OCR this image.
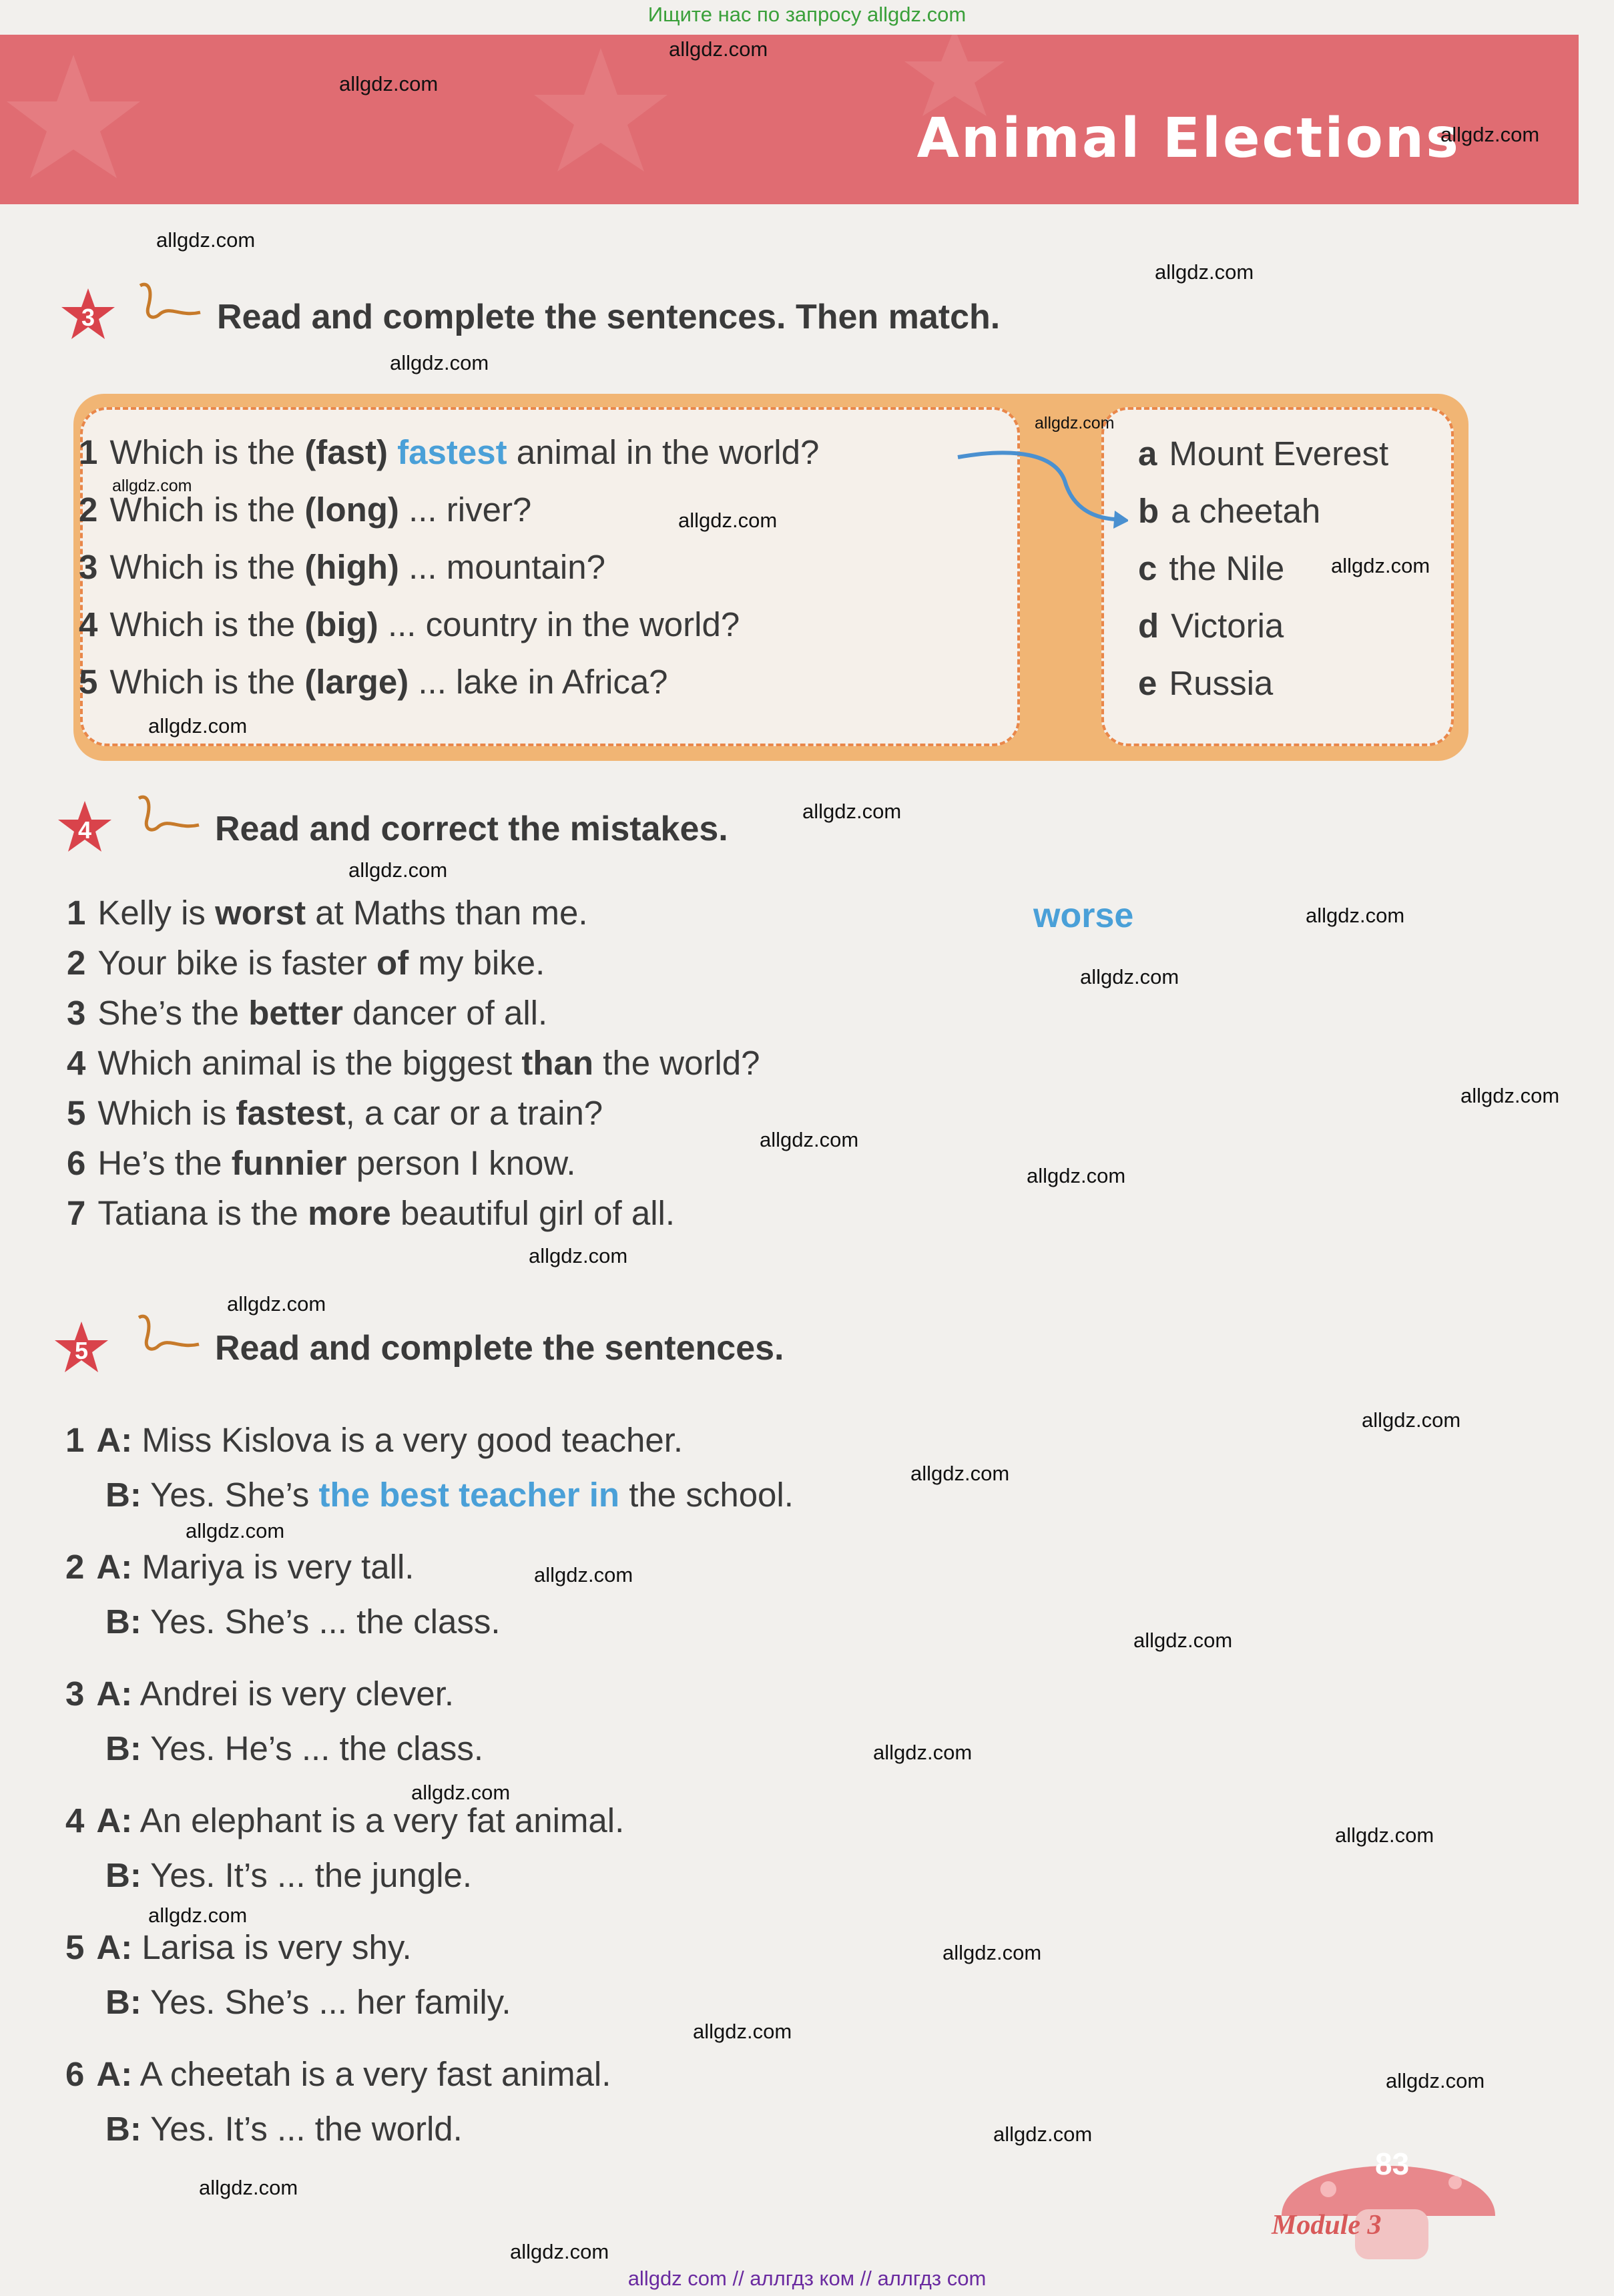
Ищите нас по запросу allgdz.com
Animal Elections
3	Read and complete the sentences. Then match.
1 Which is the (fast) fastest animal in the world?
2 Which is the (long) ... river?
3 Which is the (high) ... mountain?
4 Which is the (big) ... country in the world?
5 Which is the (large) ... lake in Africa?
a Mount Everest
b a cheetah
c the Nile
d Victoria
e Russia
4	Read and correct the mistakes.
worse
1 Kelly is worst at Maths than me.
2 Your bike is faster of my bike.
3 She’s the better dancer of all.
4 Which animal is the biggest than the world?
5 Which is fastest, a car or a train?
6 He’s the funnier person I know.
7 Tatiana is the more beautiful girl of all.
5	Read and complete the sentences.
1 A: Miss Kislova is a very good teacher.
B: Yes. She’s the best teacher in the school.
2 A: Mariya is very tall.
B: Yes. She’s ... the class.
3 A: Andrei is very clever.
B: Yes. He’s ... the class.
4 A: An elephant is a very fat animal.
B: Yes. It’s ... the jungle.
5 A: Larisa is very shy.
B: Yes. She’s ... her family.
6 A: A cheetah is a very fast animal.
B: Yes. It’s ... the world.
83
Module 3
allgdz com // аллгдз ком // аллгдз com
allgdz.com
allgdz.com
allgdz.com
allgdz.com
allgdz.com
allgdz.com
allgdz.com
allgdz.com
allgdz.com
allgdz.com
allgdz.com
allgdz.com
allgdz.com
allgdz.com
allgdz.com
allgdz.com
allgdz.com
allgdz.com
allgdz.com
allgdz.com
allgdz.com
allgdz.com
allgdz.com
allgdz.com
allgdz.com
allgdz.com
allgdz.com
allgdz.com
allgdz.com
allgdz.com
allgdz.com
allgdz.com
allgdz.com
allgdz.com
allgdz.com
